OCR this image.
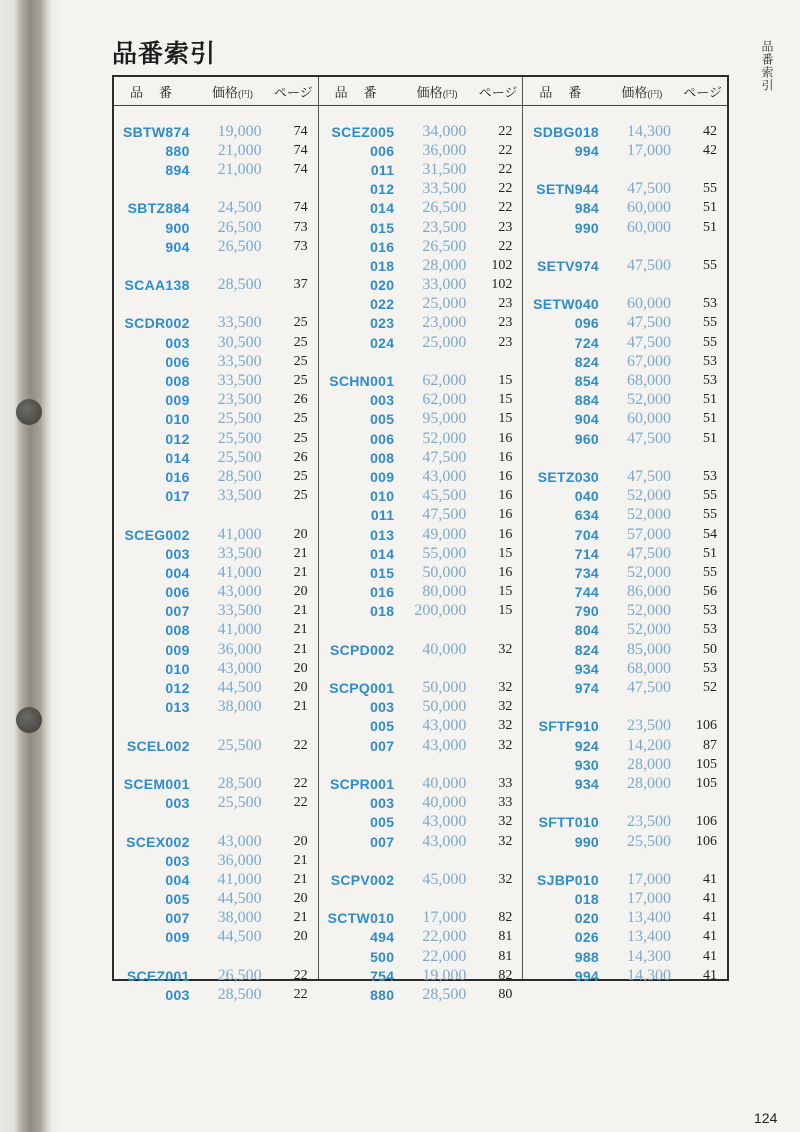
品番索引	品番索引
品番 価格(円) ページ
SBTW874 19,000 74
880 21,000 74
894 21,000 74
SBTZ884 24,500 74
900 26,500 73
904 26,500 73
SCAA138 28,500 37
SCDR002 33,500 25
003 30,500 25
006 33,500 25
008 33,500 25
009 23,500 26
010 25,500 25
012 25,500 25
014 25,500 26
016 28,500 25
017 33,500 25
SCEG002 41,000 20
003 33,500 21
004 41,000 21
006 43,000 20
007 33,500 21
008 41,000 21
009 36,000 21
010 43,000 20
012 44,500 20
013 38,000 21
SCEL002 25,500 22
SCEM001 28,500 22
003 25,500 22
SCEX002 43,000 20
003 36,000 21
004 41,000 21
005 44,500 20
007 38,000 21
009 44,500 20
SCEZ001 26,500 22
003 28,500 22
品番 価格(円) ページ
SCEZ005 34,000 22
006 36,000 22
011 31,500 22
012 33,500 22
014 26,500 22
015 23,500 23
016 26,500 22
018 28,000 102
020 33,000 102
022 25,000 23
023 23,000 23
024 25,000 23
SCHN001 62,000 15
003 62,000 15
005 95,000 15
006 52,000 16
008 47,500 16
009 43,000 16
010 45,500 16
011 47,500 16
013 49,000 16
014 55,000 15
015 50,000 16
016 80,000 15
018 200,000 15
SCPD002 40,000 32
SCPQ001 50,000 32
003 50,000 32
005 43,000 32
007 43,000 32
SCPR001 40,000 33
003 40,000 33
005 43,000 32
007 43,000 32
SCPV002 45,000 32
SCTW010 17,000 82
494 22,000 81
500 22,000 81
754 19,000 82
880 28,500 80
品番 価格(円) ページ
SDBG018 14,300 42
994 17,000 42
SETN944 47,500 55
984 60,000 51
990 60,000 51
SETV974 47,500 55
SETW040 60,000 53
096 47,500 55
724 47,500 55
824 67,000 53
854 68,000 53
884 52,000 51
904 60,000 51
960 47,500 51
SETZ030 47,500 53
040 52,000 55
634 52,000 55
704 57,000 54
714 47,500 51
734 52,000 55
744 86,000 56
790 52,000 53
804 52,000 53
824 85,000 50
934 68,000 53
974 47,500 52
SFTF910 23,500 106
924 14,200 87
930 28,000 105
934 28,000 105
SFTT010 23,500 106
990 25,500 106
SJBP010 17,000 41
018 17,000 41
020 13,400 41
026 13,400 41
988 14,300 41
994 14,300 41
124
